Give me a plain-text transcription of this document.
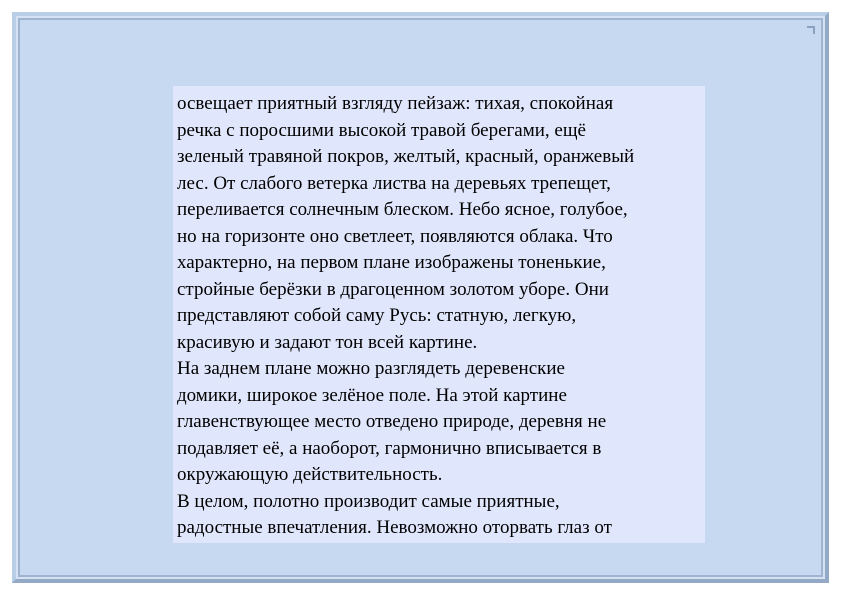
освещает приятный взгляду пейзаж: тихая, спокойная
речка с поросшими высокой травой берегами, ещё
зеленый травяной покров, желтый, красный, оранжевый
лес. От слабого ветерка листва на деревьях трепещет,
переливается солнечным блеском. Небо ясное, голубое,
но на горизонте оно светлеет, появляются облака. Что
характерно, на первом плане изображены тоненькие,
стройные берёзки в драгоценном золотом уборе. Они
представляют собой саму Русь: статную, легкую,
красивую и задают тон всей картине.

На заднем плане можно разглядеть деревенские
домики, широкое зелёное поле. На этой картине
главенствующее место отведено природе, деревня не
подавляет её, а наоборот, гармонично вписывается в
окружающую действительность.

В целом, полотно производит самые приятные,
радостные впечатления. Невозможно оторвать глаз от
